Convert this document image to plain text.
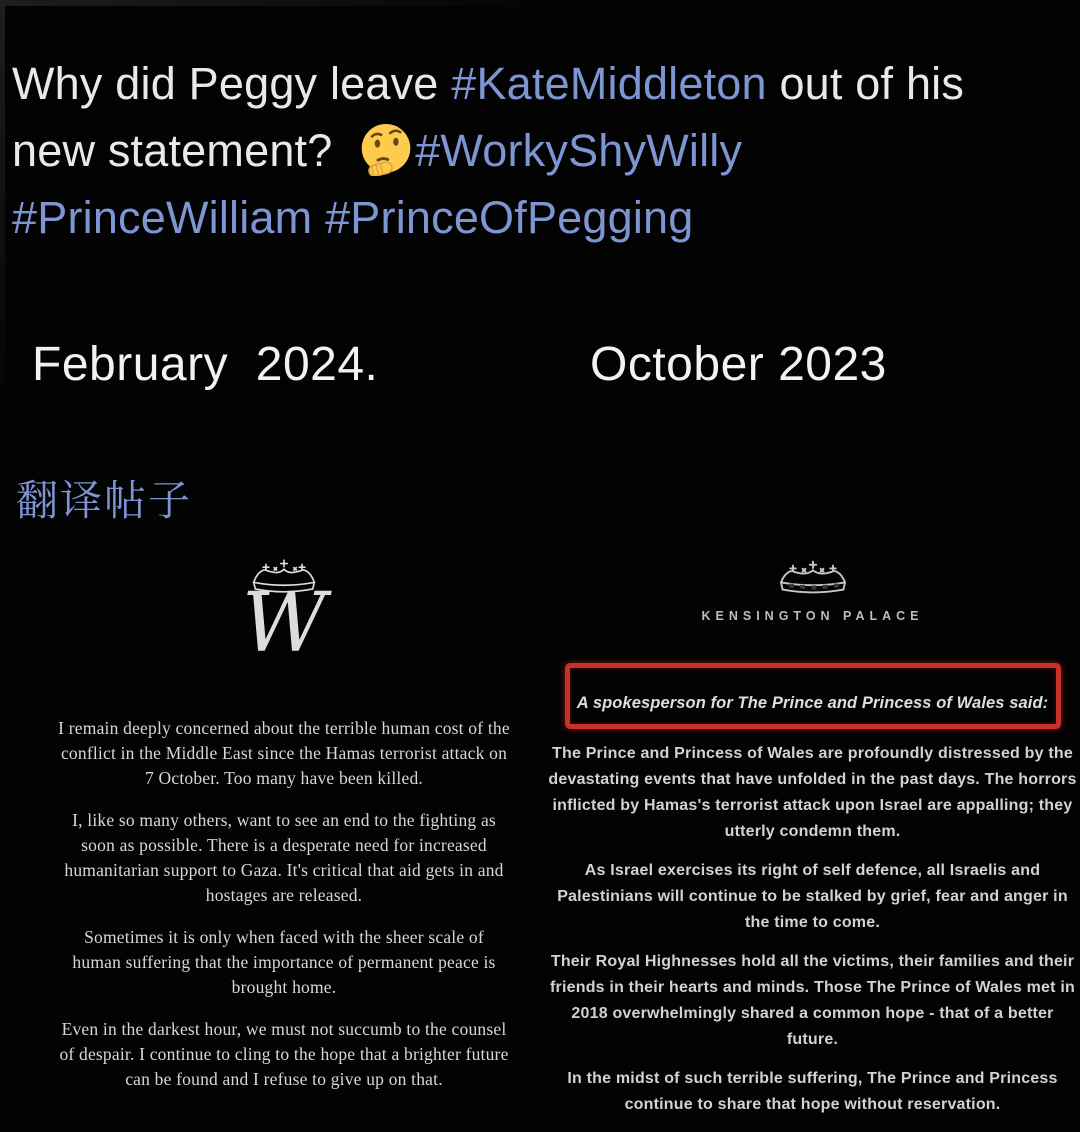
Why did Peggy leave #KateMiddleton out of his
new statement? #WorkyShyWilly
#PrinceWilliam #PrinceOfPegging
February  2024.	October 2023
翻译帖子
W

I remain deeply concerned about the terrible human cost of the conflict in the Middle East since the Hamas terrorist attack on 7 October. Too many have been killed.

I, like so many others, want to see an end to the fighting as soon as possible. There is a desperate need for increased humanitarian support to Gaza. It's critical that aid gets in and hostages are released.

Sometimes it is only when faced with the sheer scale of human suffering that the importance of permanent peace is brought home.

Even in the darkest hour, we must not succumb to the counsel of despair. I continue to cling to the hope that a brighter future can be found and I refuse to give up on that.

KENSINGTON PALACE
A spokesperson for The Prince and Princess of Wales said:

The Prince and Princess of Wales are profoundly distressed by the devastating events that have unfolded in the past days. The horrors inflicted by Hamas's terrorist attack upon Israel are appalling; they utterly condemn them.

As Israel exercises its right of self defence, all Israelis and Palestinians will continue to be stalked by grief, fear and anger in the time to come.

Their Royal Highnesses hold all the victims, their families and their friends in their hearts and minds. Those The Prince of Wales met in 2018 overwhelmingly shared a common hope - that of a better future.

In the midst of such terrible suffering, The Prince and Princess continue to share that hope without reservation.
